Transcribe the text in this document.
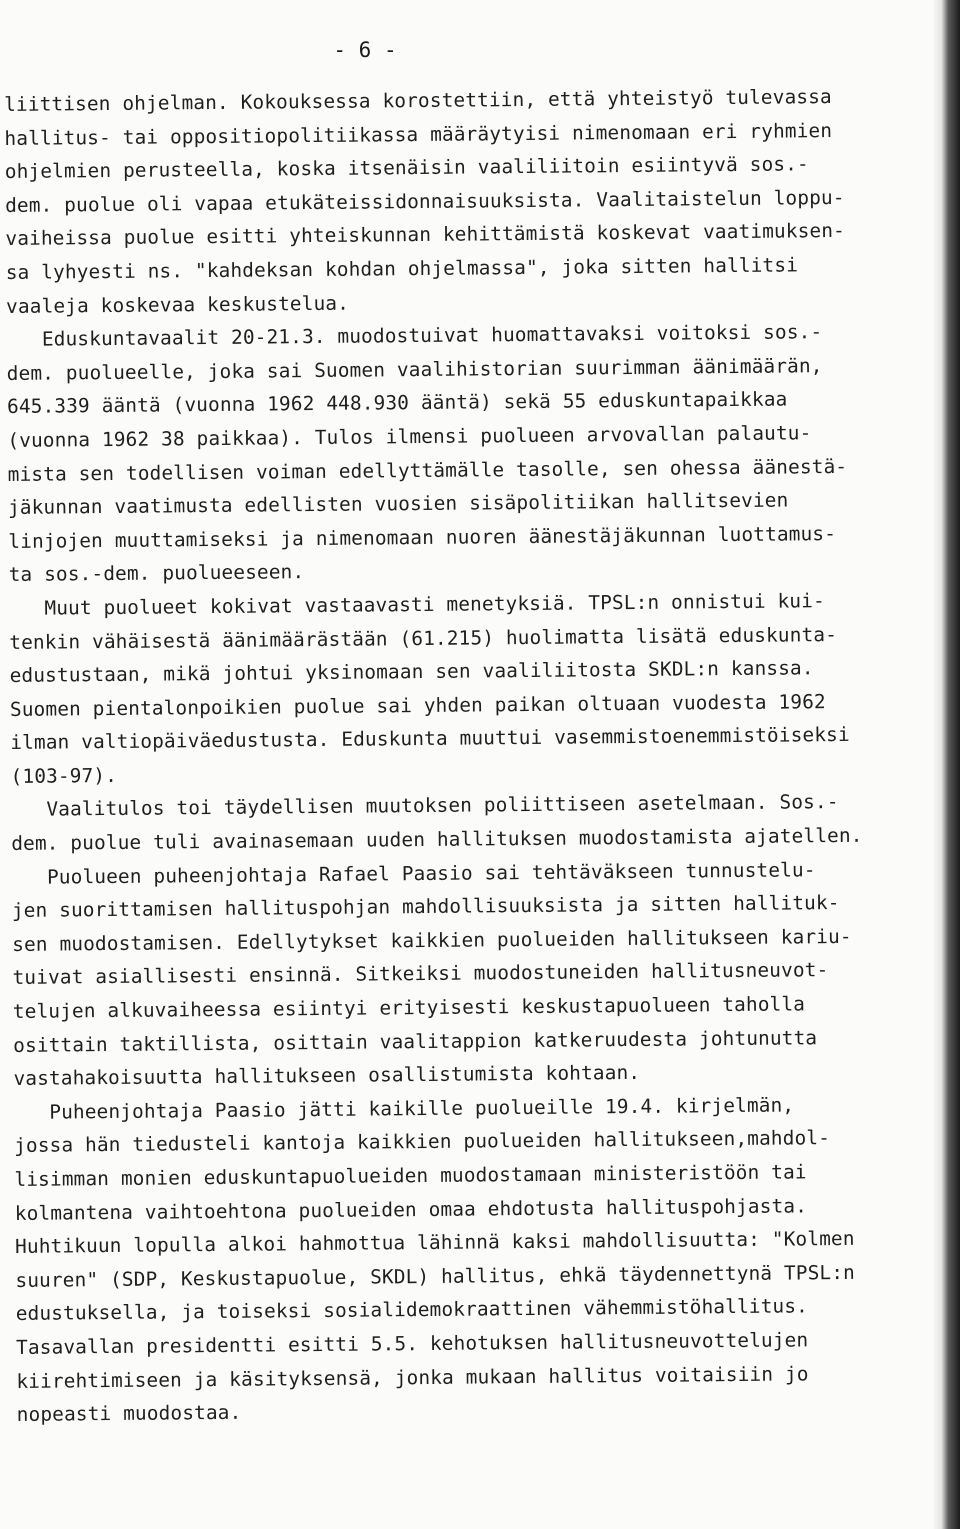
- 6 -
liittisen ohjelman. Kokouksessa korostettiin, että yhteistyö tulevassa
hallitus- tai oppositiopolitiikassa määräytyisi nimenomaan eri ryhmien
ohjelmien perusteella, koska itsenäisin vaaliliitoin esiintyvä sos.-
dem. puolue oli vapaa etukäteissidonnaisuuksista. Vaalitaistelun loppu-
vaiheissa puolue esitti yhteiskunnan kehittämistä koskevat vaatimuksen-
sa lyhyesti ns. "kahdeksan kohdan ohjelmassa", joka sitten hallitsi
vaaleja koskevaa keskustelua.
Eduskuntavaalit 20-21.3. muodostuivat huomattavaksi voitoksi sos.-
dem. puolueelle, joka sai Suomen vaalihistorian suurimman äänimäärän,
645.339 ääntä (vuonna 1962 448.930 ääntä) sekä 55 eduskuntapaikkaa
(vuonna 1962 38 paikkaa). Tulos ilmensi puolueen arvovallan palautu-
mista sen todellisen voiman edellyttämälle tasolle, sen ohessa äänestä-
jäkunnan vaatimusta edellisten vuosien sisäpolitiikan hallitsevien
linjojen muuttamiseksi ja nimenomaan nuoren äänestäjäkunnan luottamus-
ta sos.-dem. puolueeseen.
Muut puolueet kokivat vastaavasti menetyksiä. TPSL:n onnistui kui-
tenkin vähäisestä äänimäärästään (61.215) huolimatta lisätä eduskunta-
edustustaan, mikä johtui yksinomaan sen vaaliliitosta SKDL:n kanssa.
Suomen pientalonpoikien puolue sai yhden paikan oltuaan vuodesta 1962
ilman valtiopäiväedustusta. Eduskunta muuttui vasemmistoenemmistöiseksi
(103-97).
Vaalitulos toi täydellisen muutoksen poliittiseen asetelmaan. Sos.-
dem. puolue tuli avainasemaan uuden hallituksen muodostamista ajatellen.
Puolueen puheenjohtaja Rafael Paasio sai tehtäväkseen tunnustelu-
jen suorittamisen hallituspohjan mahdollisuuksista ja sitten hallituk-
sen muodostamisen. Edellytykset kaikkien puolueiden hallitukseen kariu-
tuivat asiallisesti ensinnä. Sitkeiksi muodostuneiden hallitusneuvot-
telujen alkuvaiheessa esiintyi erityisesti keskustapuolueen taholla
osittain taktillista, osittain vaalitappion katkeruudesta johtunutta
vastahakoisuutta hallitukseen osallistumista kohtaan.
Puheenjohtaja Paasio jätti kaikille puolueille 19.4. kirjelmän,
jossa hän tiedusteli kantoja kaikkien puolueiden hallitukseen,mahdol-
lisimman monien eduskuntapuolueiden muodostamaan ministeristöön tai
kolmantena vaihtoehtona puolueiden omaa ehdotusta hallituspohjasta.
Huhtikuun lopulla alkoi hahmottua lähinnä kaksi mahdollisuutta: "Kolmen
suuren" (SDP, Keskustapuolue, SKDL) hallitus, ehkä täydennettynä TPSL:n
edustuksella, ja toiseksi sosialidemokraattinen vähemmistöhallitus.
Tasavallan presidentti esitti 5.5. kehotuksen hallitusneuvottelujen
kiirehtimiseen ja käsityksensä, jonka mukaan hallitus voitaisiin jo
nopeasti muodostaa.
